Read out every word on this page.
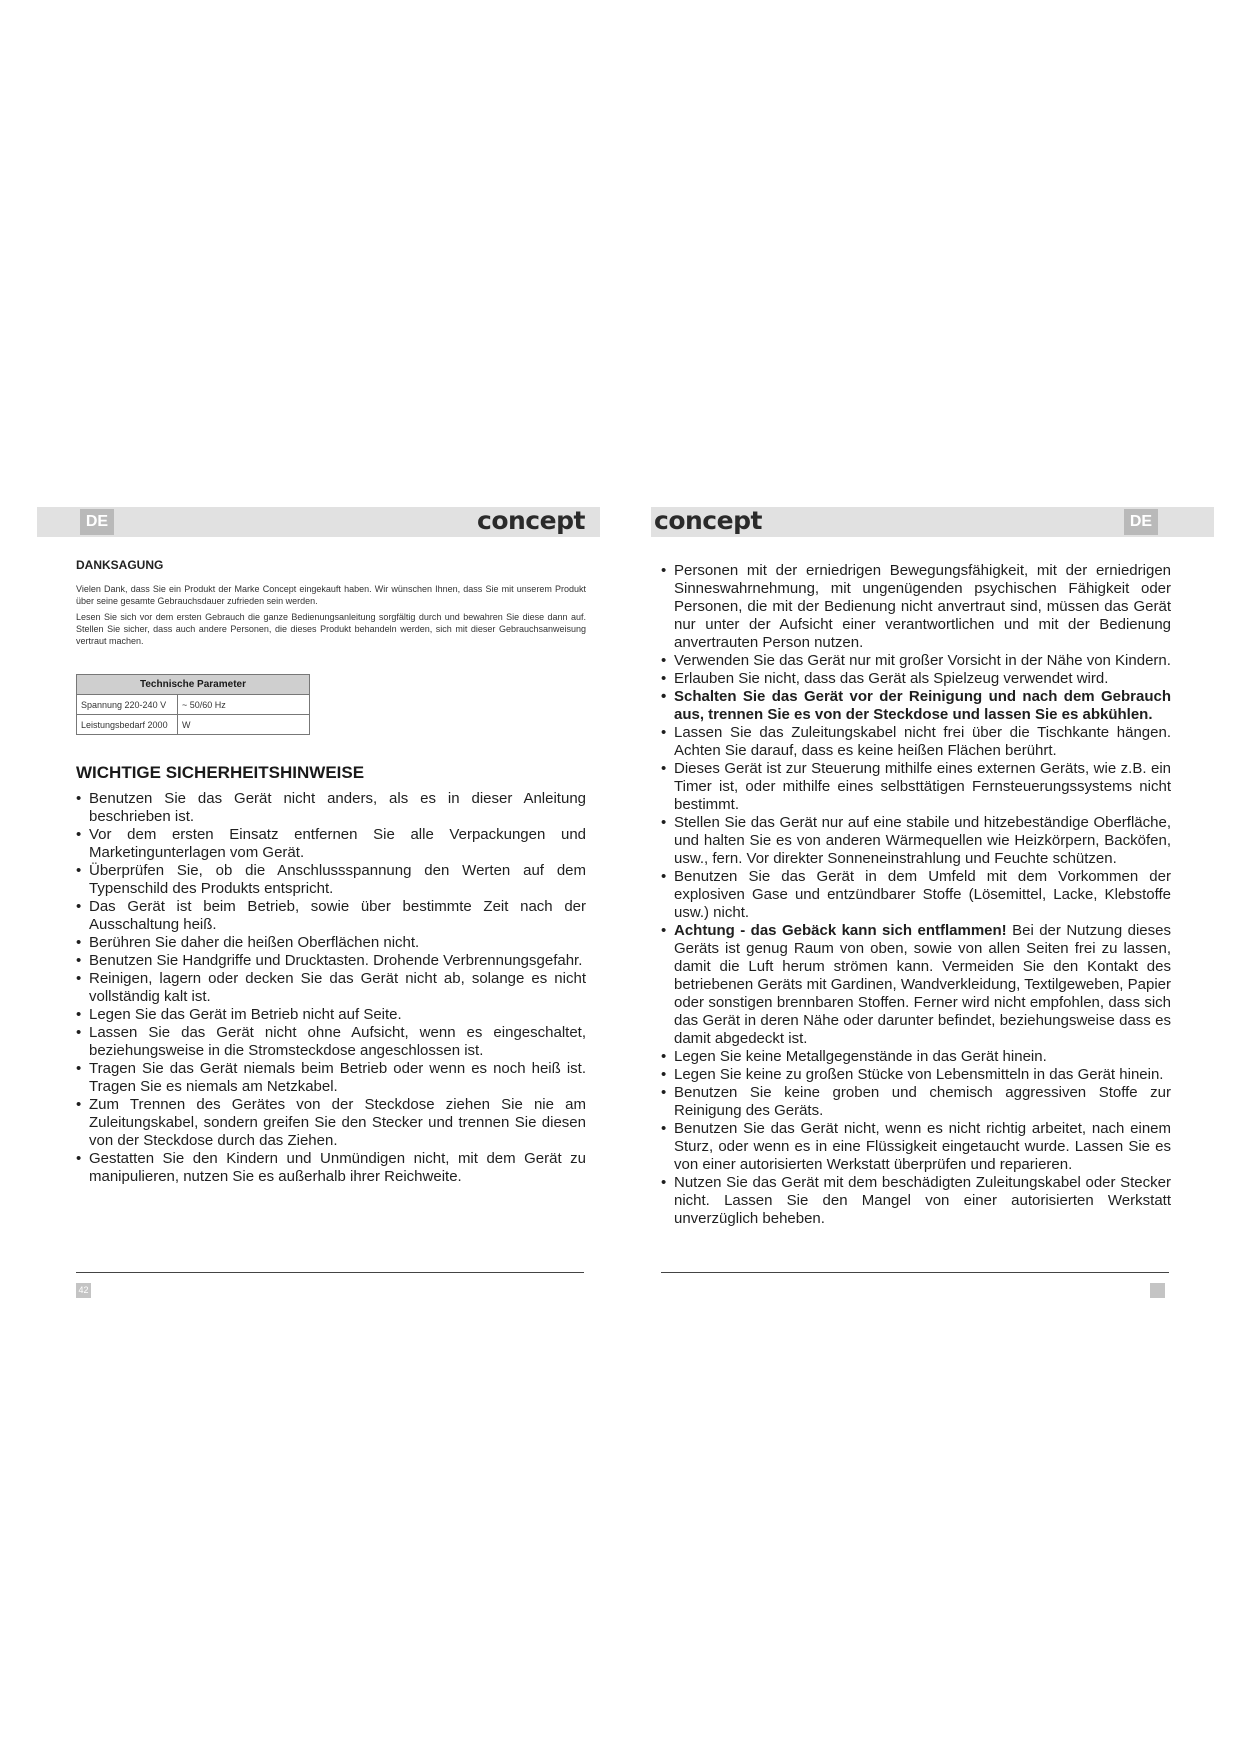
DE	DE
concept	concept
DANKSAGUNG

Vielen Dank, dass Sie ein Produkt der Marke Concept eingekauft haben. Wir wünschen Ihnen, dass Sie mit unserem Produkt über seine gesamte Gebrauchsdauer zufrieden sein werden.

Lesen Sie sich vor dem ersten Gebrauch die ganze Bedienungsanleitung sorgfältig durch und bewahren Sie diese dann auf. Stellen Sie sicher, dass auch andere Personen, die dieses Produkt behandeln werden, sich mit dieser Gebrauchsanweisung vertraut machen.

Technische Parameter	
Spannung 220-240 V	~ 50/60 Hz
Leistungsbedarf 2000	W
WICHTIGE SICHERHEITSHINWEISE
• Benutzen Sie das Gerät nicht anders, als es in dieser Anleitung beschrieben ist.
• Vor dem ersten Einsatz entfernen Sie alle Verpackungen und Marketingunterlagen vom Gerät.
• Überprüfen Sie, ob die Anschlussspannung den Werten auf dem Typenschild des Produkts entspricht.
• Das Gerät ist beim Betrieb, sowie über bestimmte Zeit nach der Ausschaltung heiß.
• Berühren Sie daher die heißen Oberflächen nicht.
• Benutzen Sie Handgriffe und Drucktasten. Drohende Verbrennungsgefahr.
• Reinigen, lagern oder decken Sie das Gerät nicht ab, solange es nicht vollständig kalt ist.
• Legen Sie das Gerät im Betrieb nicht auf Seite.
• Lassen Sie das Gerät nicht ohne Aufsicht, wenn es eingeschaltet, beziehungsweise in die Stromsteckdose angeschlossen ist.
• Tragen Sie das Gerät niemals beim Betrieb oder wenn es noch heiß ist. Tragen Sie es niemals am Netzkabel.
• Zum Trennen des Gerätes von der Steckdose ziehen Sie nie am Zuleitungskabel, sondern greifen Sie den Stecker und trennen Sie diesen von der Steckdose durch das Ziehen.
• Gestatten Sie den Kindern und Unmündigen nicht, mit dem Gerät zu manipulieren, nutzen Sie es außerhalb ihrer Reichweite.
• Personen mit der erniedrigen Bewegungsfähigkeit, mit der erniedrigen Sinneswahrnehmung, mit ungenügenden psychischen Fähigkeit oder Personen, die mit der Bedienung nicht anvertraut sind, müssen das Gerät nur unter der Aufsicht einer verantwortlichen und mit der Bedienung anvertrauten Person nutzen.
• Verwenden Sie das Gerät nur mit großer Vorsicht in der Nähe von Kindern.
• Erlauben Sie nicht, dass das Gerät als Spielzeug verwendet wird.
• Schalten Sie das Gerät vor der Reinigung und nach dem Gebrauch aus, trennen Sie es von der Steckdose und lassen Sie es abkühlen.
• Lassen Sie das Zuleitungskabel nicht frei über die Tischkante hängen. Achten Sie darauf, dass es keine heißen Flächen berührt.
• Dieses Gerät ist zur Steuerung mithilfe eines externen Geräts, wie z.B. ein Timer ist, oder mithilfe eines selbsttätigen Fernsteuerungssystems nicht bestimmt.
• Stellen Sie das Gerät nur auf eine stabile und hitzebeständige Oberfläche, und halten Sie es von anderen Wärmequellen wie Heizkörpern, Backöfen, usw., fern. Vor direkter Sonneneinstrahlung und Feuchte schützen.
• Benutzen Sie das Gerät in dem Umfeld mit dem Vorkommen der explosiven Gase und entzündbarer Stoffe (Lösemittel, Lacke, Klebstoffe usw.) nicht.
• Achtung - das Gebäck kann sich entflammen! Bei der Nutzung dieses Geräts ist genug Raum von oben, sowie von allen Seiten frei zu lassen, damit die Luft herum strömen kann. Vermeiden Sie den Kontakt des betriebenen Geräts mit Gardinen, Wandverkleidung, Textilgeweben, Papier oder sonstigen brennbaren Stoffen. Ferner wird nicht empfohlen, dass sich das Gerät in deren Nähe oder darunter befindet, beziehungsweise dass es damit abgedeckt ist.
• Legen Sie keine Metallgegenstände in das Gerät hinein.
• Legen Sie keine zu großen Stücke von Lebensmitteln in das Gerät hinein.
• Benutzen Sie keine groben und chemisch aggressiven Stoffe zur Reinigung des Geräts.
• Benutzen Sie das Gerät nicht, wenn es nicht richtig arbeitet, nach einem Sturz, oder wenn es in eine Flüssigkeit eingetaucht wurde. Lassen Sie es von einer autorisierten Werkstatt überprüfen und reparieren.
• Nutzen Sie das Gerät mit dem beschädigten Zuleitungskabel oder Stecker nicht. Lassen Sie den Mangel von einer autorisierten Werkstatt unverzüglich beheben.
42
